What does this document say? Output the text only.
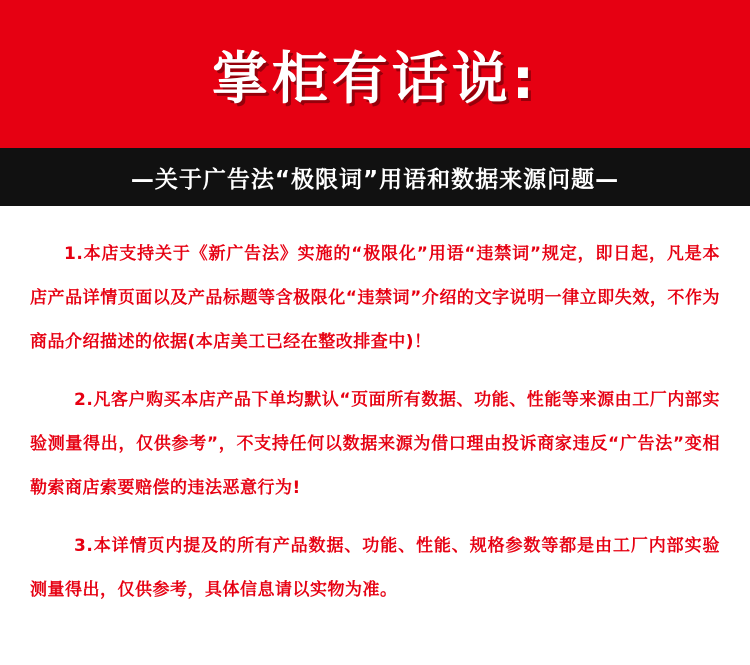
掌柜有话说:
—关于广告法“极限词”用语和数据来源问题—

1.本店支持关于《新广告法》实施的“极限化”用语“违禁词”规定，即日起，凡是本店产品详情页面以及产品标题等含极限化“违禁词”介绍的文字说明一律立即失效，不作为商品介绍描述的依据(本店美工已经在整改排查中)！

2.凡客户购买本店产品下单均默认“页面所有数据、功能、性能等来源由工厂内部实验测量得出，仅供参考”，不支持任何以数据来源为借口理由投诉商家违反“广告法”变相勒索商店索要赔偿的违法恶意行为!

3.本详情页内提及的所有产品数据、功能、性能、规格参数等都是由工厂内部实验测量得出，仅供参考，具体信息请以实物为准。
